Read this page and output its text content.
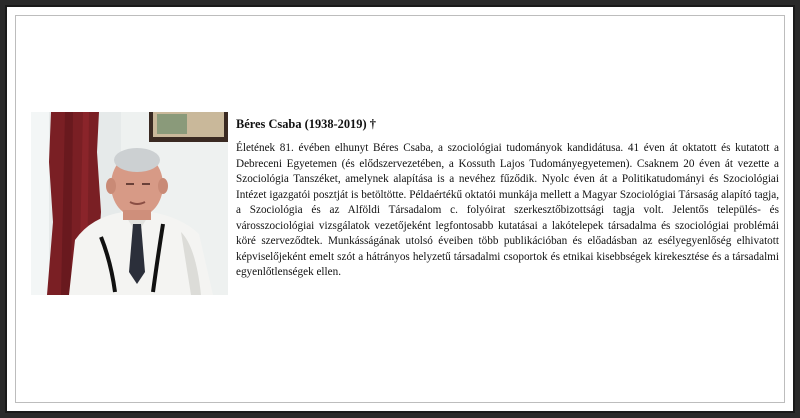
Béres Csaba (1938-2019) †

Életének 81. évében elhunyt Béres Csaba, a szociológiai tudományok kandidátusa. 41 éven át oktatott és kutatott a Debreceni Egyetemen (és elődszervezetében, a Kossuth Lajos Tudományegyetemen). Csaknem 20 éven át vezette a Szociológia Tanszéket, amelynek alapítása is a nevéhez fűződik. Nyolc éven át a Politikatudományi és Szociológiai Intézet igazgatói posztját is betöltötte. Példaértékű oktatói munkája mellett a Magyar Szociológiai Társaság alapító tagja, a Szociológia és az Alföldi Társadalom c. folyóirat szerkesztőbizottsági tagja volt. Jelentős település- és városszociológiai vizsgálatok vezetőjeként legfontosabb kutatásai a lakótelepek társadalma és szociológiai problémái köré szerveződtek. Munkásságának utolsó éveiben több publikációban és előadásban az esélyegyenlőség elhivatott képviselőjeként emelt szót a hátrányos helyzetű társadalmi csoportok és etnikai kisebbségek kirekesztése és a társadalmi egyenlőtlenségek ellen.
